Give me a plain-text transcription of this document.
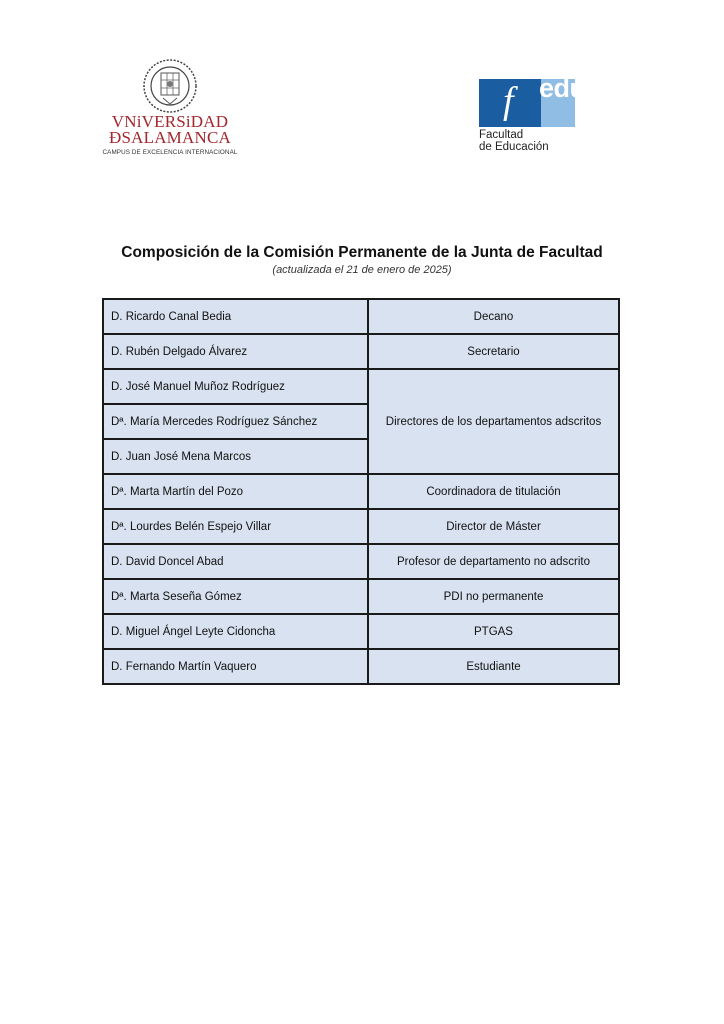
VNiVERSiDAD
ÐSALAMANCA
CAMPUS DE EXCELENCIA INTERNACIONAL
f edu
Facultad
de Educación
Composición de la Comisión Permanente de la Junta de Facultad
(actualizada el 21 de enero de 2025)
D. Ricardo Canal Bedia	Decano
D. Rubén Delgado Álvarez	Secretario
D. José Manuel Muñoz Rodríguez	Directores de los departamentos adscritos
Dª. María Mercedes Rodríguez Sánchez	
D. Juan José Mena Marcos	
Dª. Marta Martín del Pozo	Coordinadora de titulación
Dª. Lourdes Belén Espejo Villar	Director de Máster
D. David Doncel Abad	Profesor de departamento no adscrito
Dª. Marta Seseña Gómez	PDI no permanente
D. Miguel Ángel Leyte Cidoncha	PTGAS
D. Fernando Martín Vaquero	Estudiante
